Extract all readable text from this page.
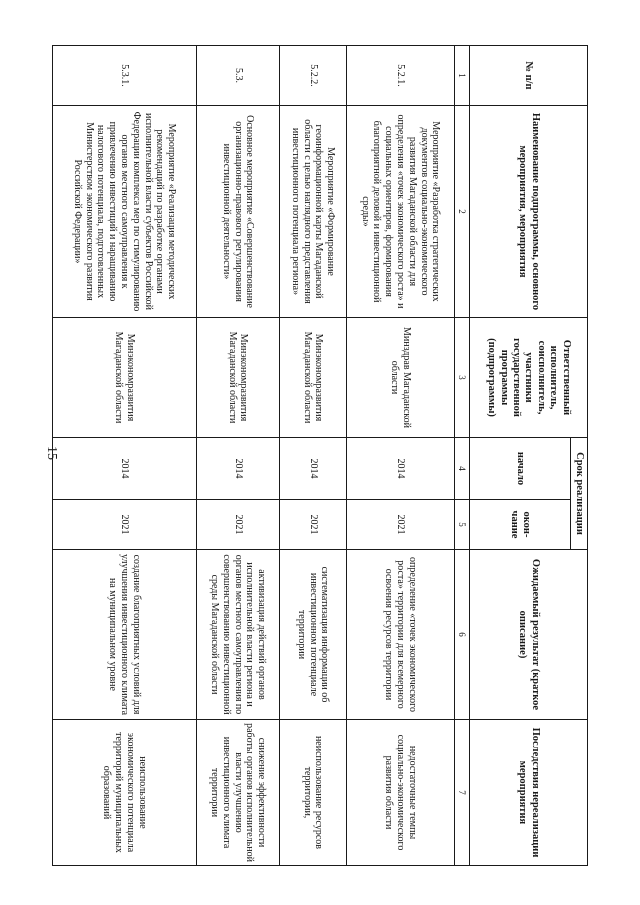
15
№ п/п	Наименование подпрограммы, основного мероприятия, мероприятия	Ответственный исполнитель, соисполнитель, участники государственной программы (подпрограммы)	Срок реализации		Ожидаемый результат (краткое описание)	Последствия нереализации мероприятия
			начало	окон-чание		
1	2	3	4	5	6	7
5.2.1.	Мероприятие «Разработка стратегических документов социально-экономического развития Магаданской области для определения «точек экономического роста» и социальных ориентиров, формирования благоприятной деловой и инвестиционной среды»	Минздрав Магаданской области	2014	2021	определение «точек экономического роста» территории для всемерного освоения ресурсов территории	недостаточные темпы социально-экономического развития области
5.2.2.	Мероприятие «Формирование геоинформационной карты Магаданской области с целью наглядного представления инвестиционного потенциала региона»	Минэкономразвития Магаданской области	2014	2021	систематизация информации об инвестиционном потенциале территории	неиспользование ресурсов территории,
5.3.	Основное мероприятие «Совершенствование организационно-правового регулирования инвестиционной деятельности»	Минэкономразвития Магаданской области	2014	2021	активизация действий органов исполнительной власти региона и органов местного самоуправления по совершенствованию инвестиционной среды Магаданской области	снижение эффективности работы органов исполнительной власти улучшению инвестиционного климата территории
5.3.1.	Мероприятие «Реализация методических рекомендаций по разработке органами исполнительной власти субъектов Российской Федерации комплекса мер по стимулированию органов местного самоуправления к привлечению инвестиций и наращиванию налогового потенциала, подготовленных Министерством экономического развития Российской Федерации»	Минэкономразвития Магаданской области	2014	2021	создание благоприятных условий для улучшения инвестиционного климата на муниципальном уровне	неиспользование экономического потенциала территорий муниципальных образований
